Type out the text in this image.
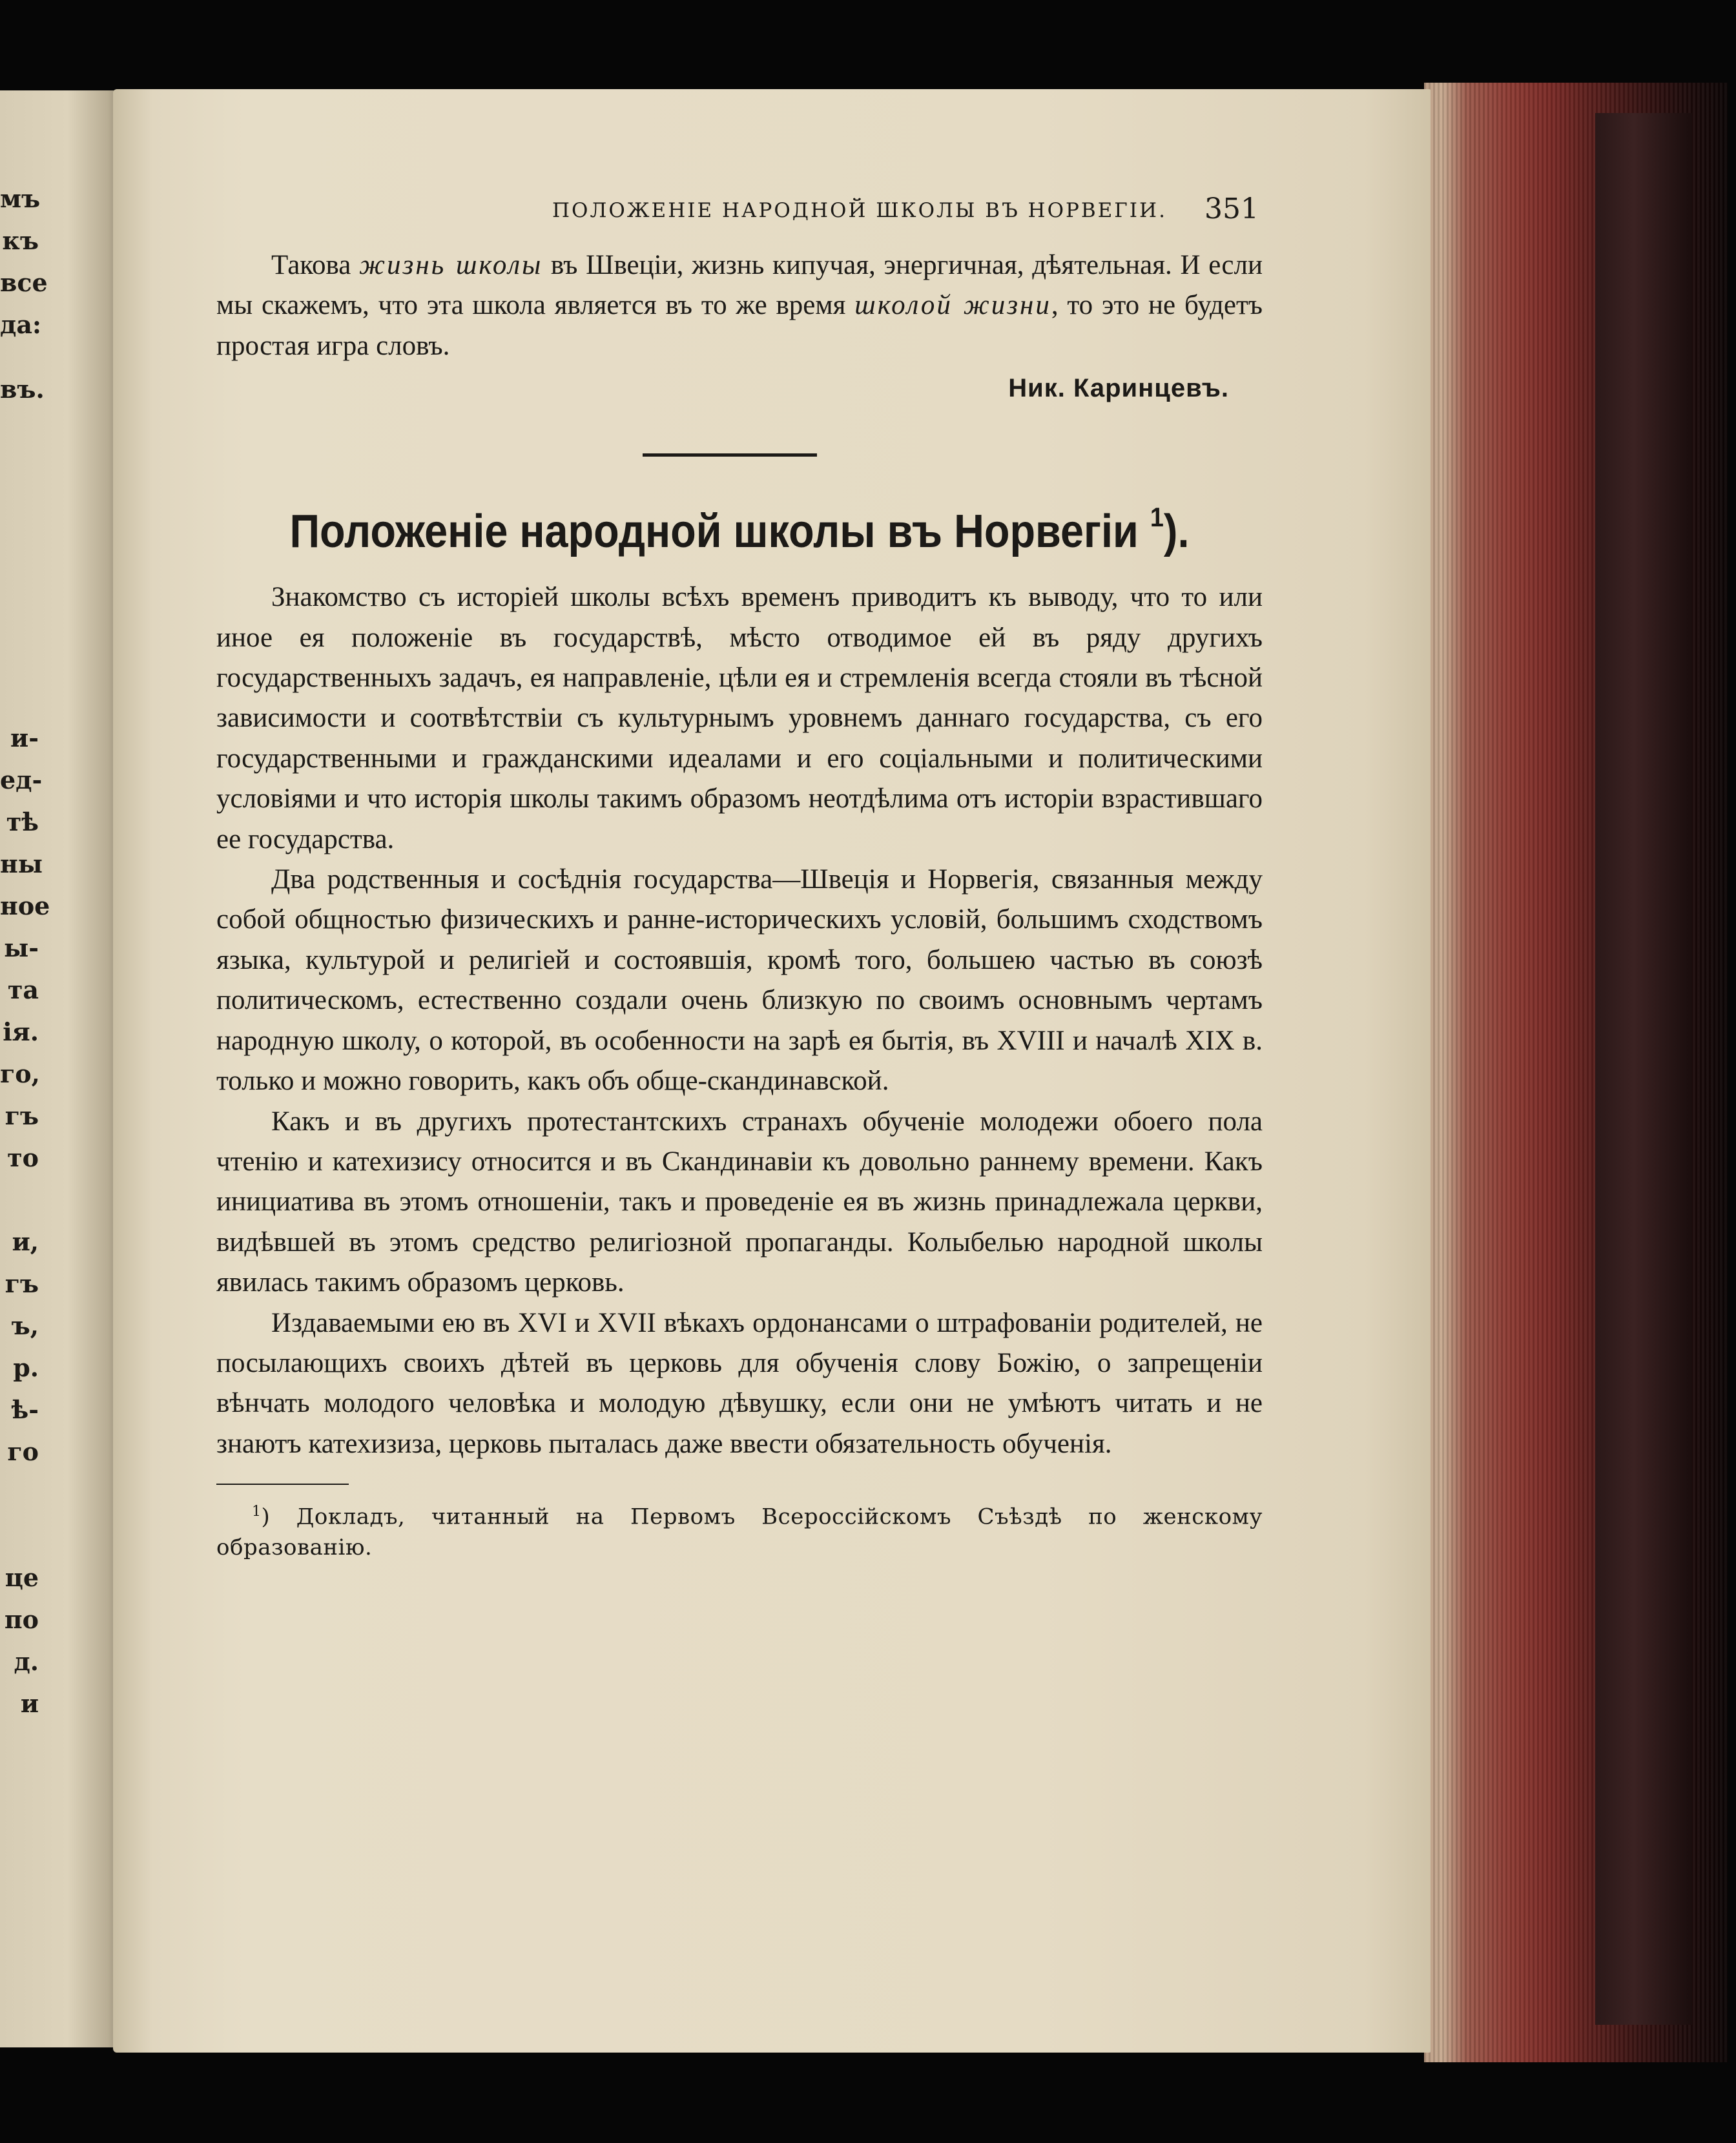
мъ
къ
все
да:
въ.
и-
ед-
тѣ
ны
ное
ы-
та
ія.
го,
гъ
то
и,
гъ
ъ,
р.
ѣ-
го
це
по
д.
и
ПОЛОЖЕНІЕ НАРОДНОЙ ШКОЛЫ ВЪ НОРВЕГІИ. 351

Такова жизнь школы въ Швеціи, жизнь кипучая, энергичная, дѣятельная. И если мы скажемъ, что эта школа является въ то же время школой жизни, то это не будетъ простая игра словъ.

Ник. Каринцевъ.
Положеніе народной школы въ Норвегіи $^1$).

Знакомство съ исторіей школы всѣхъ временъ приводитъ къ выводу, что то или иное ея положеніе въ государствѣ, мѣсто отводимое ей въ ряду другихъ государственныхъ задачъ, ея направленіе, цѣли ея и стремленія всегда стояли въ тѣсной зависимости и соотвѣтствіи съ культурнымъ уровнемъ даннаго государства, съ его государственными и гражданскими идеалами и его соціальными и политическими условіями и что исторія школы такимъ образомъ неотдѣлима отъ исторіи взрастившаго ее государства.

Два родственныя и сосѣднія государства—Швеція и Норвегія, связанныя между собой общностью физическихъ и ранне-историческихъ условій, большимъ сходствомъ языка, культурой и религіей и состоявшія, кромѣ того, большею частью въ союзѣ политическомъ, естественно создали очень близкую по своимъ основнымъ чертамъ народную школу, о которой, въ особенности на зарѣ ея бытія, въ XVIII и началѣ XIX в. только и можно говорить, какъ объ обще-скандинавской.

Какъ и въ другихъ протестантскихъ странахъ обученіе молодежи обоего пола чтенію и катехизису относится и въ Скандинавіи къ довольно раннему времени. Какъ инициатива въ этомъ отношеніи, такъ и проведеніе ея въ жизнь принадлежала церкви, видѣвшей въ этомъ средство религіозной пропаганды. Колыбелью народной школы явилась такимъ образомъ церковь.

Издаваемыми ею въ XVI и XVII вѣкахъ ордонансами о штрафованіи родителей, не посылающихъ своихъ дѣтей въ церковь для обученія слову Божію, о запрещеніи вѣнчать молодого человѣка и молодую дѣвушку, если они не умѣютъ читать и не знаютъ катехизиза, церковь пыталась даже ввести обязательность обученія.

$^1$) Докладъ, читанный на Первомъ Всероссійскомъ Съѣздѣ по женскому образованію.
